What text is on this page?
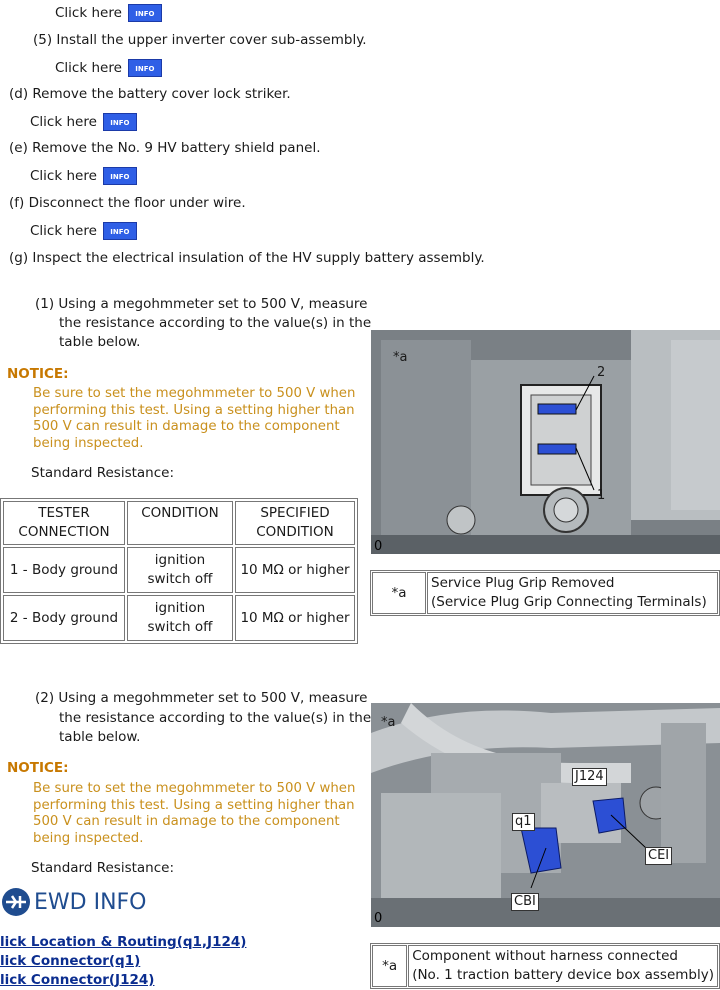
Click here INFO
(5) Install the upper inverter cover sub-assembly.
Click here INFO
(d) Remove the battery cover lock striker.
Click here INFO
(e) Remove the No. 9 HV battery shield panel.
Click here INFO
(f) Disconnect the floor under wire.
Click here INFO
(g) Inspect the electrical insulation of the HV supply battery assembly.
(1) Using a megohmmeter set to 500 V, measure
the resistance according to the value(s) in the
table below.
NOTICE:
Be sure to set the megohmmeter to 500 V when performing this test. Using a setting higher than 500 V can result in damage to the component being inspected.
Standard Resistance:
TESTER CONNECTION	CONDITION	SPECIFIED CONDITION
1 - Body ground	ignition switch off	10 MΩ or higher
2 - Body ground	ignition switch off	10 MΩ or higher
*a
2
1
0
*a	
Service Plug Grip Removed
(Service Plug Grip Connecting Terminals)
(2) Using a megohmmeter set to 500 V, measure
the resistance according to the value(s) in the
table below.
NOTICE:
Be sure to set the megohmmeter to 500 V when performing this test. Using a setting higher than 500 V can result in damage to the component being inspected.
Standard Resistance:
*a
J124
q1
CEI
CBI
0
*a	
Component without harness connected
(No. 1 traction battery device box assembly)
EWD INFO
lick Location & Routing(q1,J124)
lick Connector(q1)
lick Connector(J124)
